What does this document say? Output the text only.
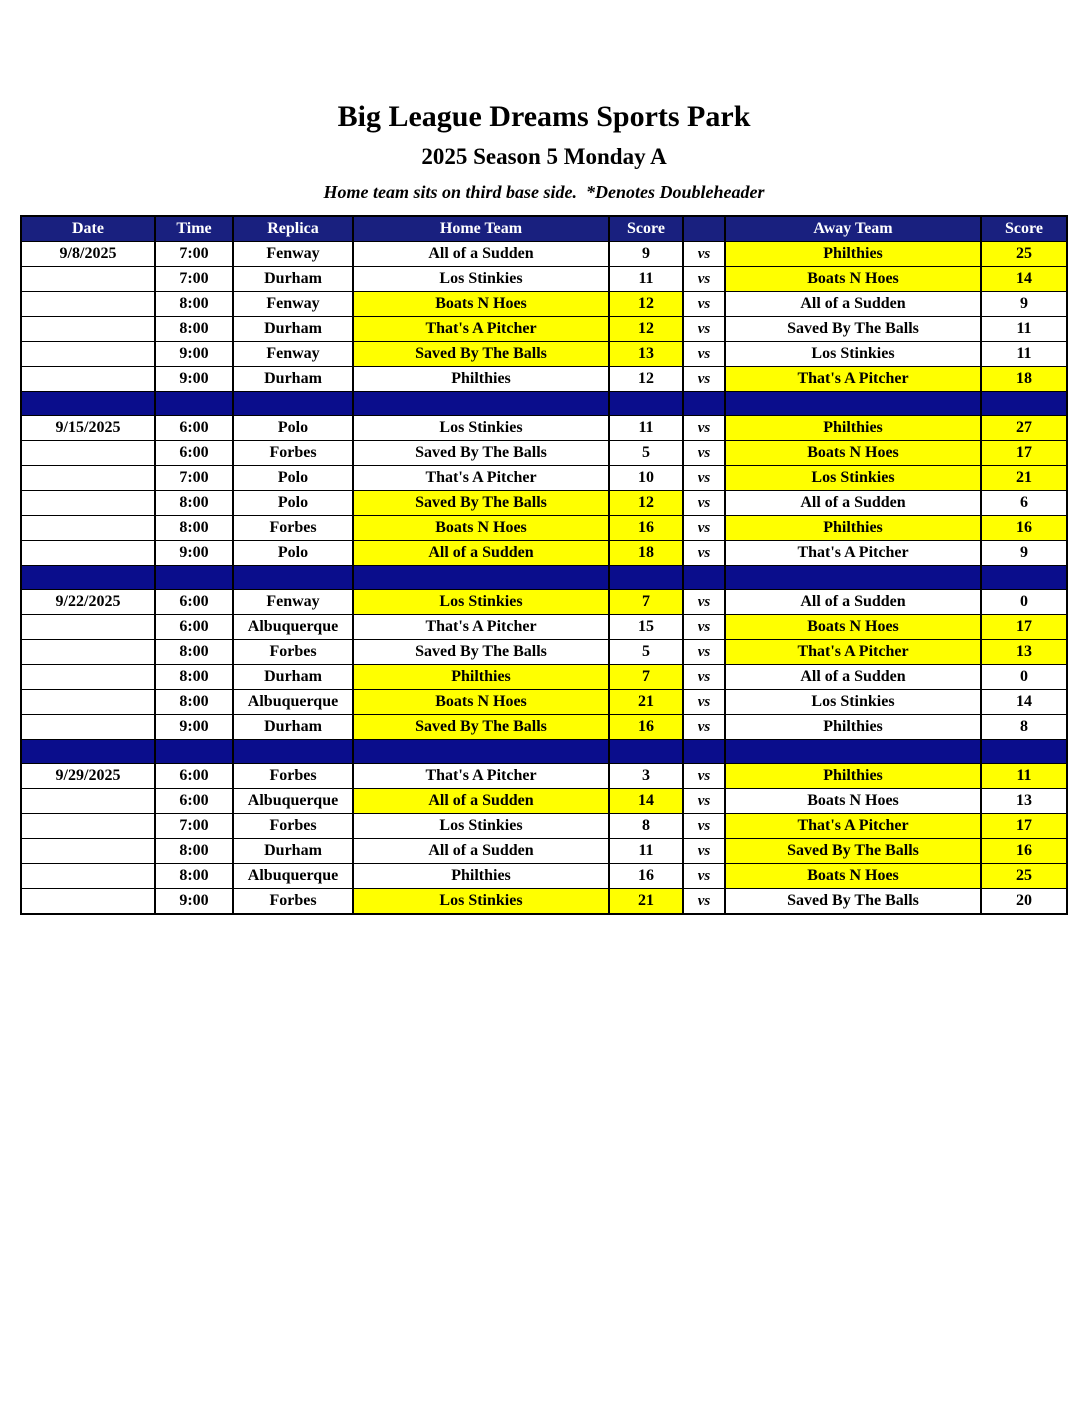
Big League Dreams Sports Park
2025 Season 5 Monday A
Home team sits on third base side.  *Denotes Doubleheader
Date	Time	Replica	Home Team	Score		Away Team	Score
9/8/2025	7:00	Fenway	All of a Sudden	9	vs	Philthies	25
	7:00	Durham	Los Stinkies	11	vs	Boats N Hoes	14
	8:00	Fenway	Boats N Hoes	12	vs	All of a Sudden	9
	8:00	Durham	That's A Pitcher	12	vs	Saved By The Balls	11
	9:00	Fenway	Saved By The Balls	13	vs	Los Stinkies	11
	9:00	Durham	Philthies	12	vs	That's A Pitcher	18

9/15/2025	6:00	Polo	Los Stinkies	11	vs	Philthies	27
	6:00	Forbes	Saved By The Balls	5	vs	Boats N Hoes	17
	7:00	Polo	That's A Pitcher	10	vs	Los Stinkies	21
	8:00	Polo	Saved By The Balls	12	vs	All of a Sudden	6
	8:00	Forbes	Boats N Hoes	16	vs	Philthies	16
	9:00	Polo	All of a Sudden	18	vs	That's A Pitcher	9

9/22/2025	6:00	Fenway	Los Stinkies	7	vs	All of a Sudden	0
	6:00	Albuquerque	That's A Pitcher	15	vs	Boats N Hoes	17
	8:00	Forbes	Saved By The Balls	5	vs	That's A Pitcher	13
	8:00	Durham	Philthies	7	vs	All of a Sudden	0
	8:00	Albuquerque	Boats N Hoes	21	vs	Los Stinkies	14
	9:00	Durham	Saved By The Balls	16	vs	Philthies	8

9/29/2025	6:00	Forbes	That's A Pitcher	3	vs	Philthies	11
	6:00	Albuquerque	All of a Sudden	14	vs	Boats N Hoes	13
	7:00	Forbes	Los Stinkies	8	vs	That's A Pitcher	17
	8:00	Durham	All of a Sudden	11	vs	Saved By The Balls	16
	8:00	Albuquerque	Philthies	16	vs	Boats N Hoes	25
	9:00	Forbes	Los Stinkies	21	vs	Saved By The Balls	20
